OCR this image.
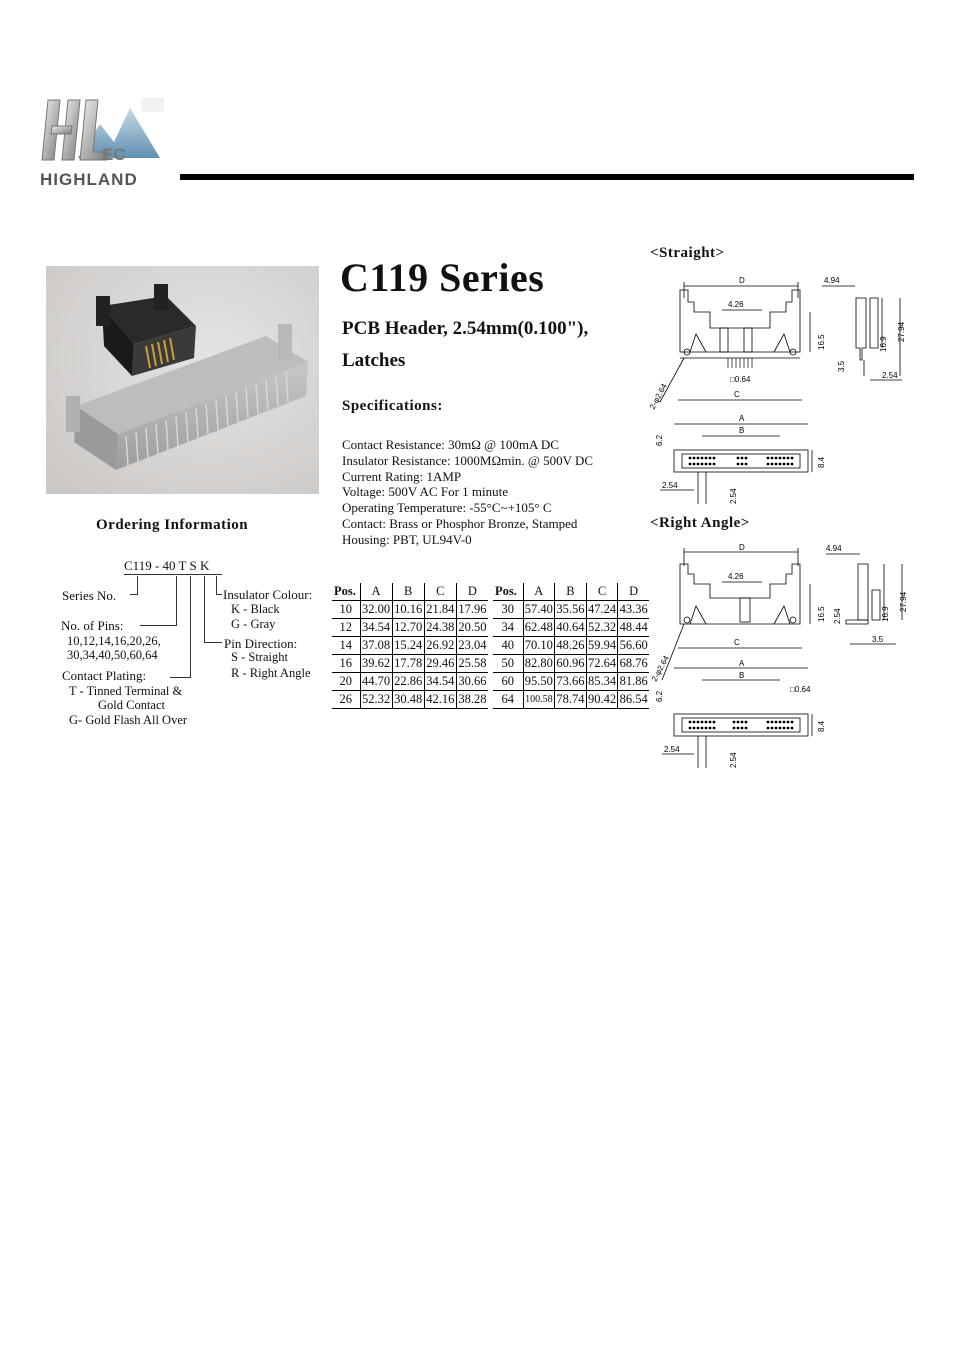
EC
HIGHLAND
C119 Series
PCB Header, 2.54mm(0.100"),
Latches
Specifications:
Contact Resistance: 30mΩ @ 100mA DC
Insulator Resistance: 1000MΩmin. @ 500V DC
Current Rating: 1AMP
Voltage: 500V AC For 1 minute
Operating Temperature: -55°C~+105° C
Contact: Brass or Phosphor Bronze, Stamped
Housing: PBT, UL94V-0
Ordering Information
C119 - 40 T S K
Series No.
No. of Pins:
10,12,14,16,20,26,
30,34,40,50,60,64
Contact Plating:
T - Tinned Terminal &
Gold Contact
G- Gold Flash All Over
Insulator Colour:
K - Black
G - Gray
Pin Direction:
S - Straight
R - Right Angle
Pos.	A	B	C	D
10	32.00	10.16	21.84	17.96
12	34.54	12.70	24.38	20.50
14	37.08	15.24	26.92	23.04
16	39.62	17.78	29.46	25.58
20	44.70	22.86	34.54	30.66
26	52.32	30.48	42.16	38.28
Pos.	A	B	C	D
30	57.40	35.56	47.24	43.36
34	62.48	40.64	52.32	48.44
40	70.10	48.26	59.94	56.60
50	82.80	60.96	72.64	68.76
60	95.50	73.66	85.34	81.86
64	100.58	78.74	90.42	86.54
<Straight>
<Right Angle>
D
4.26
□0.64
C
2-φ2.64
16.5
4.94
16.9
27.94
3.5
2.54
A
B
6.2
8.4
2.54
2.54
D
4.26
C
2-φ2.64
16.5
4.94
16.9
27.94
2.54
3.5
A
B
□0.64
6.2
8.4
2.54
2.54
